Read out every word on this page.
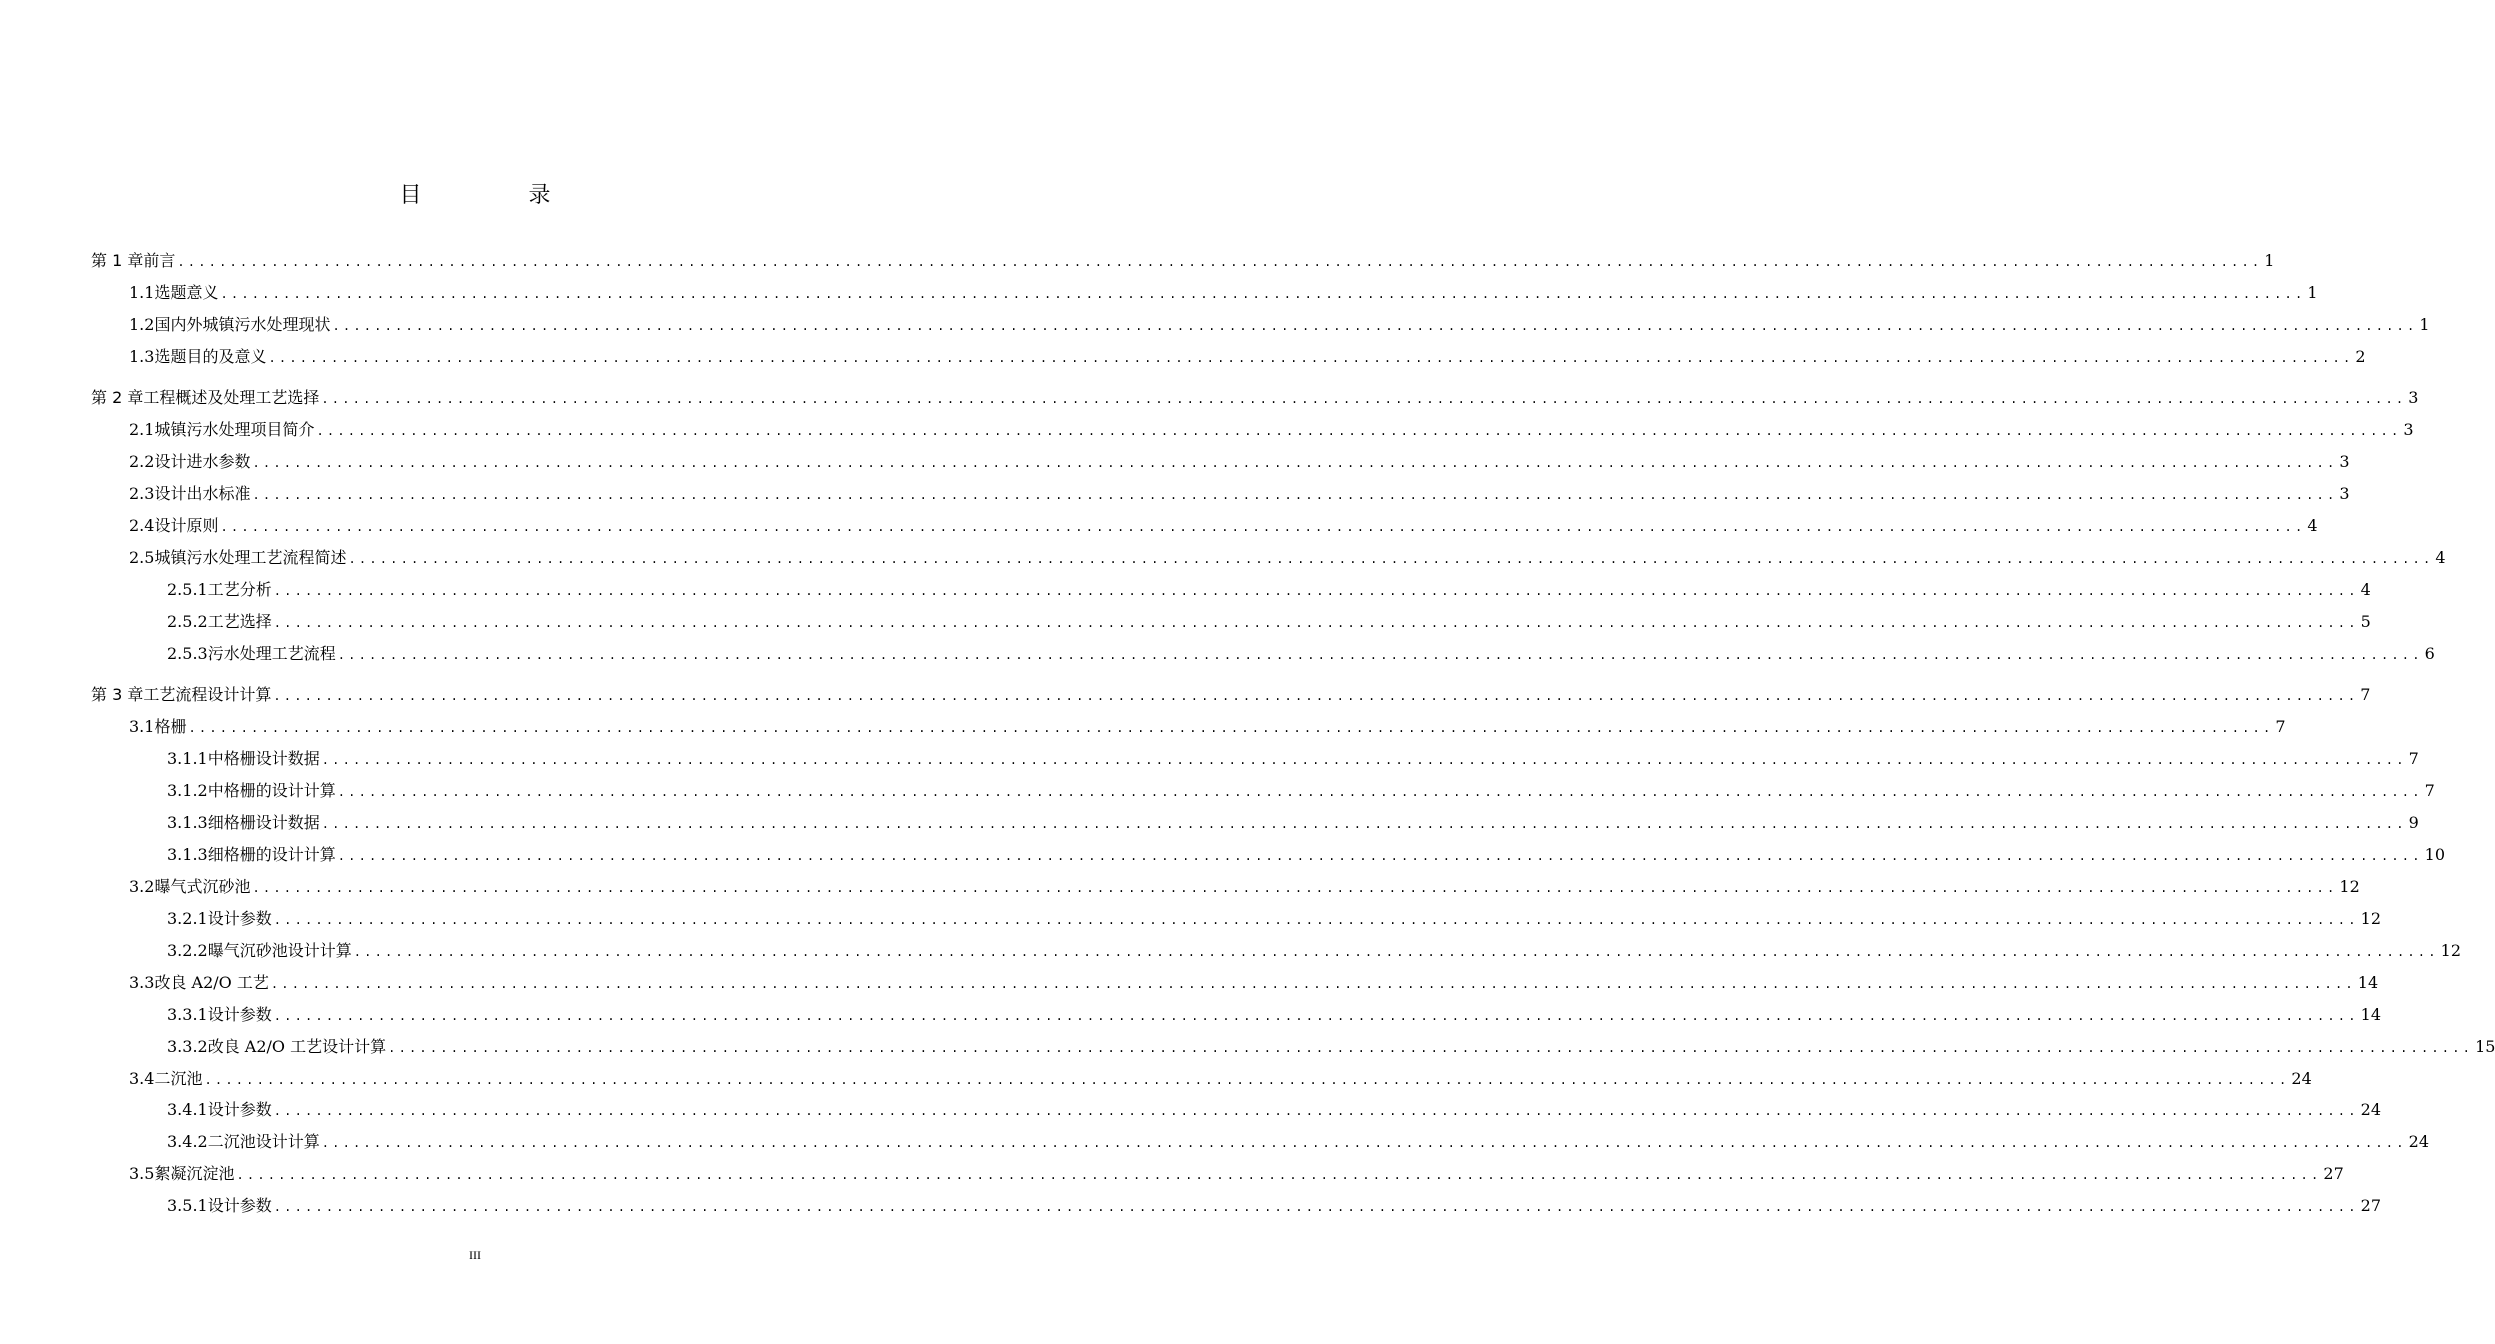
目 录
第 1 章 前言 ........................................................................................................................................................................................................ 1
1.1 选题意义 ........................................................................................................................................................................................................ 1
1.2 国内外城镇污水处理现状 ........................................................................................................................................................................................................ 1
1.3 选题目的及意义 ........................................................................................................................................................................................................ 2
第 2 章 工程概述及处理工艺选择 ........................................................................................................................................................................................................ 3
2.1 城镇污水处理项目简介 ........................................................................................................................................................................................................ 3
2.2 设计进水参数 ........................................................................................................................................................................................................ 3
2.3 设计出水标准 ........................................................................................................................................................................................................ 3
2.4 设计原则 ........................................................................................................................................................................................................ 4
2.5 城镇污水处理工艺流程简述 ........................................................................................................................................................................................................ 4
2.5.1 工艺分析 ........................................................................................................................................................................................................ 4
2.5.2 工艺选择 ........................................................................................................................................................................................................ 5
2.5.3 污水处理工艺流程 ........................................................................................................................................................................................................ 6
第 3 章 工艺流程设计计算 ........................................................................................................................................................................................................ 7
3.1 格栅 ........................................................................................................................................................................................................ 7
3.1.1 中格栅设计数据 ........................................................................................................................................................................................................ 7
3.1.2 中格栅的设计计算 ........................................................................................................................................................................................................ 7
3.1.3 细格栅设计数据 ........................................................................................................................................................................................................ 9
3.1.3 细格栅的设计计算 ........................................................................................................................................................................................................ 10
3.2 曝气式沉砂池 ........................................................................................................................................................................................................ 12
3.2.1 设计参数 ........................................................................................................................................................................................................ 12
3.2.2 曝气沉砂池设计计算 ........................................................................................................................................................................................................ 12
3.3 改良 A2/O 工艺 ........................................................................................................................................................................................................ 14
3.3.1 设计参数 ........................................................................................................................................................................................................ 14
3.3.2 改良 A2/O 工艺设计计算 ........................................................................................................................................................................................................ 15
3.4 二沉池 ........................................................................................................................................................................................................ 24
3.4.1 设计参数 ........................................................................................................................................................................................................ 24
3.4.2 二沉池设计计算 ........................................................................................................................................................................................................ 24
3.5 絮凝沉淀池 ........................................................................................................................................................................................................ 27
3.5.1 设计参数 ........................................................................................................................................................................................................ 27
III
